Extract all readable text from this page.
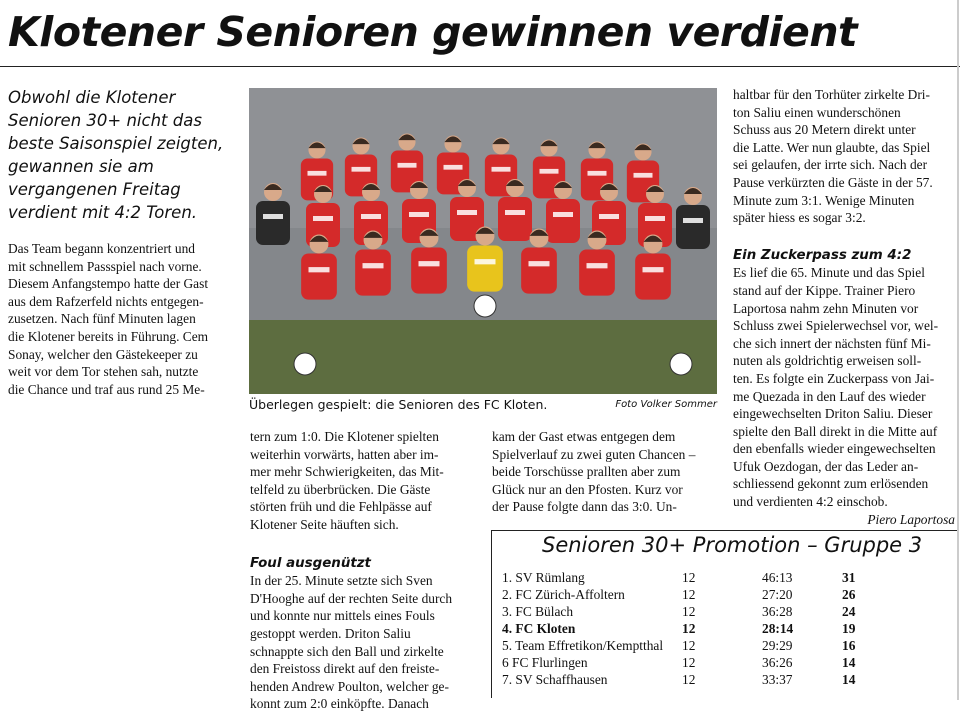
Klotener Senioren gewinnen verdient

Obwohl die Klotener

Senioren 30+ nicht das

beste Saisonspiel zeigten,

gewannen sie am

vergangenen Freitag

verdient mit 4:2 Toren.

Das Team begann konzentriert und

mit schnellem Passspiel nach vorne.

Diesem Anfangstempo hatte der Gast

aus dem Rafzerfeld nichts entgegen-

zusetzen. Nach fünf Minuten lagen

die Klotener bereits in Führung. Cem

Sonay, welcher den Gästekeeper zu

weit vor dem Tor stehen sah, nutzte

die Chance und traf aus rund 25 Me-

Überlegen gespielt: die Senioren des FC Kloten.	Foto Volker Sommer

tern zum 1:0. Die Klotener spielten

weiterhin vorwärts, hatten aber im-

mer mehr Schwierigkeiten, das Mit-

telfeld zu überbrücken. Die Gäste

störten früh und die Fehlpässe auf

Klotener Seite häuften sich.

Foul ausgenützt

In der 25. Minute setzte sich Sven

D'Hooghe auf der rechten Seite durch

und konnte nur mittels eines Fouls

gestoppt werden. Driton Saliu

schnappte sich den Ball und zirkelte

den Freistoss direkt auf den freiste-

henden Andrew Poulton, welcher ge-

konnt zum 2:0 einköpfte. Danach

kam der Gast etwas entgegen dem

Spielverlauf zu zwei guten Chancen –

beide Torschüsse prallten aber zum

Glück nur an den Pfosten. Kurz vor

der Pause folgte dann das 3:0. Un-

haltbar für den Torhüter zirkelte Dri-

ton Saliu einen wunderschönen

Schuss aus 20 Metern direkt unter

die Latte. Wer nun glaubte, das Spiel

sei gelaufen, der irrte sich. Nach der

Pause verkürzten die Gäste in der 57.

Minute zum 3:1. Wenige Minuten

später hiess es sogar 3:2.

Ein Zuckerpass zum 4:2

Es lief die 65. Minute und das Spiel

stand auf der Kippe. Trainer Piero

Laportosa nahm zehn Minuten vor

Schluss zwei Spielerwechsel vor, wel-

che sich innert der nächsten fünf Mi-

nuten als goldrichtig erweisen soll-

ten. Es folgte ein Zuckerpass von Jai-

me Quezada in den Lauf des wieder

eingewechselten Driton Saliu. Dieser

spielte den Ball direkt in die Mitte auf

den ebenfalls wieder eingewechselten

Ufuk Oezdogan, der das Leder an-

schliessend gekonnt zum erlösenden

und verdienten 4:2 einschob.

Piero Laportosa

Senioren 30+ Promotion – Gruppe 3
1. SV Rümlang	12	46:13	31
2. FC Zürich-Affoltern	12	27:20	26
3. FC Bülach	12	36:28	24
4. FC Kloten	12	28:14	19
5. Team Effretikon/Kemptthal	12	29:29	16
6 FC Flurlingen	12	36:26	14
7. SV Schaffhausen	12	33:37	14
